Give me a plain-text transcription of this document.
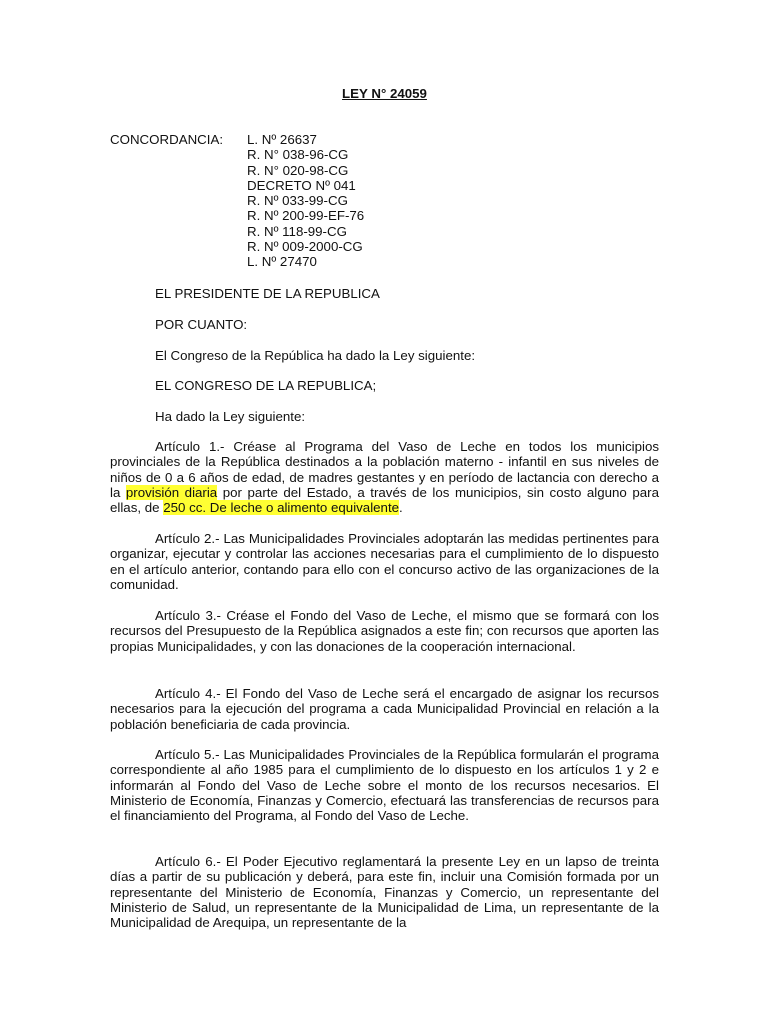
LEY N° 24059
CONCORDANCIA: L. Nº 26637
R. N° 038-96-CG
R. N° 020-98-CG
DECRETO Nº 041
R. Nº 033-99-CG
R. Nº 200-99-EF-76
R. Nº 118-99-CG
R. Nº 009-2000-CG
L. Nº 27470
EL PRESIDENTE DE LA REPUBLICA
POR CUANTO:
El Congreso de la República ha dado la Ley siguiente:
EL CONGRESO DE LA REPUBLICA;
Ha dado la Ley siguiente:

Artículo 1.- Créase al Programa del Vaso de Leche en todos los municipios provinciales de la República destinados a la población materno - infantil en sus niveles de niños de 0 a 6 años de edad, de madres gestantes y en período de lactancia con derecho a la provisión diaria por parte del Estado, a través de los municipios, sin costo alguno para ellas, de 250 cc. De leche o alimento equivalente.

Artículo 2.- Las Municipalidades Provinciales adoptarán las medidas pertinentes para organizar, ejecutar y controlar las acciones necesarias para el cumplimiento de lo dispuesto en el artículo anterior, contando para ello con el concurso activo de las organizaciones de la comunidad.

Artículo 3.- Créase el Fondo del Vaso de Leche, el mismo que se formará con los recursos del Presupuesto de la República asignados a este fin; con recursos que aporten las propias Municipalidades, y con las donaciones de la cooperación internacional.

Artículo 4.- El Fondo del Vaso de Leche será el encargado de asignar los recursos necesarios para la ejecución del programa a cada Municipalidad Provincial en relación a la población beneficiaria de cada provincia.

Artículo 5.- Las Municipalidades Provinciales de la República formularán el programa correspondiente al año 1985 para el cumplimiento de lo dispuesto en los artículos 1 y 2 e informarán al Fondo del Vaso de Leche sobre el monto de los recursos necesarios. El Ministerio de Economía, Finanzas y Comercio, efectuará las transferencias de recursos para el financiamiento del Programa, al Fondo del Vaso de Leche.

Artículo 6.- El Poder Ejecutivo reglamentará la presente Ley en un lapso de treinta días a partir de su publicación y deberá, para este fin, incluir una Comisión formada por un representante del Ministerio de Economía, Finanzas y Comercio, un representante del Ministerio de Salud, un representante de la Municipalidad de Lima, un representante de la Municipalidad de Arequipa, un representante de la
